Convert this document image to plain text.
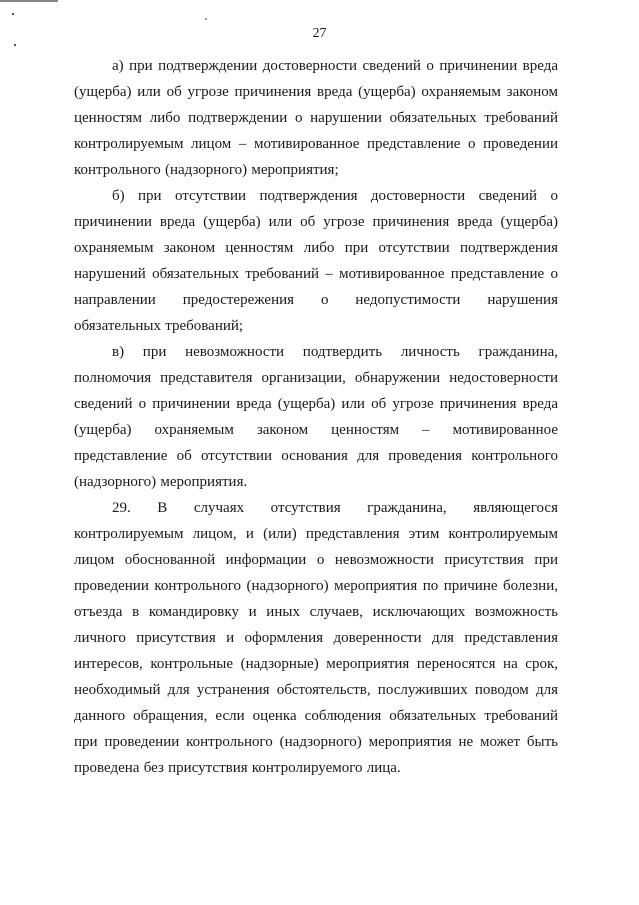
27

а) при подтверждении достоверности сведений о причинении вреда (ущерба) или об угрозе причинения вреда (ущерба) охраняемым законом ценностям либо подтверждении о нарушении обязательных требований контролируемым лицом – мотивированное представление о проведении контрольного (надзорного) мероприятия;

б) при отсутствии подтверждения достоверности сведений о причинении вреда (ущерба) или об угрозе причинения вреда (ущерба) охраняемым законом ценностям либо при отсутствии подтверждения нарушений обязательных требований – мотивированное представление о направлении предостережения о недопустимости нарушения обязательных требований;

в) при невозможности подтвердить личность гражданина, полномочия представителя организации, обнаружении недостоверности сведений о причинении вреда (ущерба) или об угрозе причинения вреда (ущерба) охраняемым законом ценностям – мотивированное представление об отсутствии основания для проведения контрольного (надзорного) мероприятия.

29. В случаях отсутствия гражданина, являющегося контролируемым лицом, и (или) представления этим контролируемым лицом обоснованной информации о невозможности присутствия при проведении контрольного (надзорного) мероприятия по причине болезни, отъезда в командировку и иных случаев, исключающих возможность личного присутствия и оформления доверенности для представления интересов, контрольные (надзорные) мероприятия переносятся на срок, необходимый для устранения обстоятельств, послуживших поводом для данного обращения, если оценка соблюдения обязательных требований при проведении контрольного (надзорного) мероприятия не может быть проведена без присутствия контролируемого лица.
